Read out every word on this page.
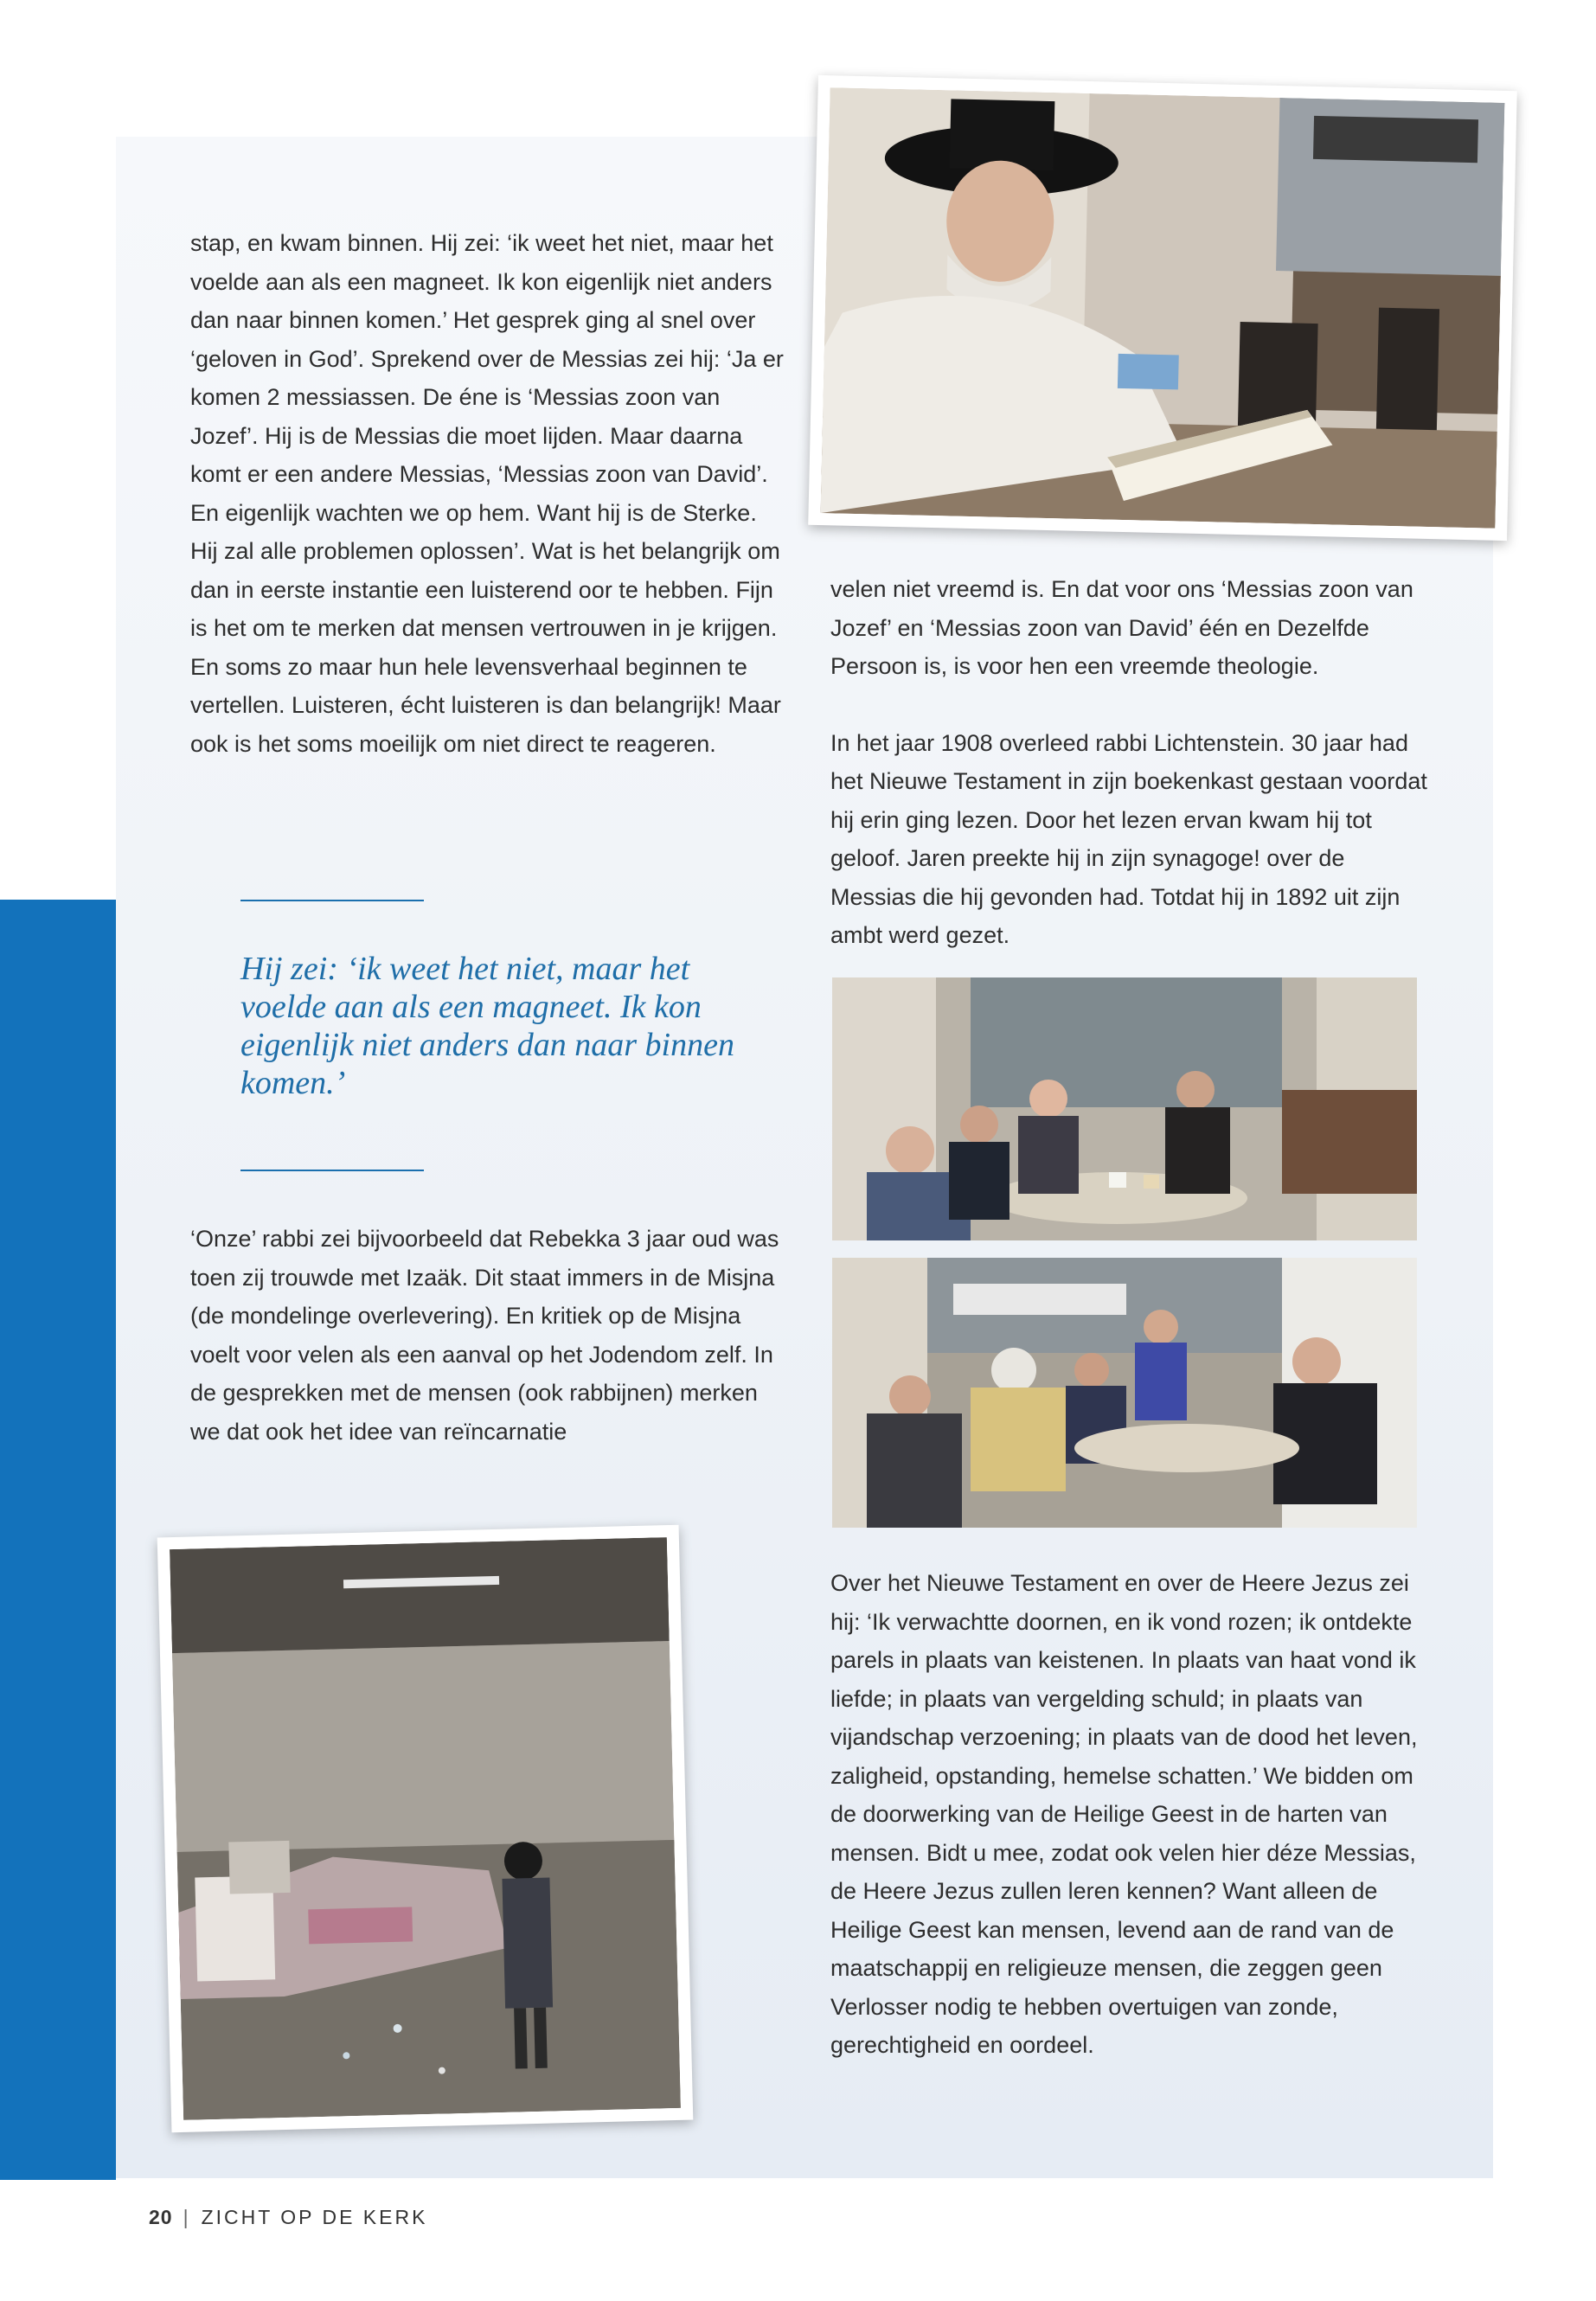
stap, en kwam binnen. Hij zei: ‘ik weet het niet, maar het voelde aan als een magneet. Ik kon eigenlijk niet anders dan naar binnen komen.’ Het gesprek ging al snel over ‘geloven in God’. Sprekend over de Messias zei hij: ‘Ja er komen 2 messiassen. De éne is ‘Messias zoon van Jozef’. Hij is de Messias die moet lijden. Maar daarna komt er een andere Messias, ‘Messias zoon van David’. En eigenlijk wachten we op hem. Want hij is de Sterke. Hij zal alle problemen oplossen’. Wat is het belangrijk om dan in eerste instantie een luisterend oor te hebben. Fijn is het om te merken dat mensen vertrouwen in je krijgen. En soms zo maar hun hele levensverhaal beginnen te vertellen. Luisteren, écht luisteren is dan belangrijk! Maar ook is het soms moeilijk om niet direct te reageren.

Hij zei: ‘ik weet het niet, maar het voelde aan als een magneet. Ik kon eigenlijk niet anders dan naar binnen komen.’

‘Onze’ rabbi zei bijvoorbeeld dat Rebekka 3 jaar oud was toen zij trouwde met Izaäk. Dit staat immers in de Misjna (de mondelinge overlevering). En kritiek op de Misjna voelt voor velen als een aanval op het Jodendom zelf. In de gesprekken met de mensen (ook rabbijnen) merken we dat ook het idee van reïncarnatie

velen niet vreemd is. En dat voor ons ‘Messias zoon van Jozef’ en ‘Messias zoon van David’ één en Dezelfde Persoon is, is voor hen een vreemde theologie.

In het jaar 1908 overleed rabbi Lichtenstein. 30 jaar had het Nieuwe Testament in zijn boekenkast gestaan voordat hij erin ging lezen. Door het lezen ervan kwam hij tot geloof. Jaren preekte hij in zijn synagoge! over de Messias die hij gevonden had. Totdat hij in 1892 uit zijn ambt werd gezet.

Over het Nieuwe Testament en over de Heere Jezus zei hij: ‘Ik verwachtte doornen, en ik vond rozen; ik ontdekte parels in plaats van keistenen. In plaats van haat vond ik liefde; in plaats van vergelding schuld; in plaats van vijandschap verzoening; in plaats van de dood het leven, zaligheid, opstanding, hemelse schatten.’ We bidden om de doorwerking van de Heilige Geest in de harten van mensen. Bidt u mee, zodat ook velen hier déze Messias, de Heere Jezus zullen leren kennen? Want alleen de Heilige Geest kan mensen, levend aan de rand van de maatschappij en religieuze mensen, die zeggen geen Verlosser nodig te hebben overtuigen van zonde, gerechtigheid en oordeel.

20 | ZICHT OP DE KERK
